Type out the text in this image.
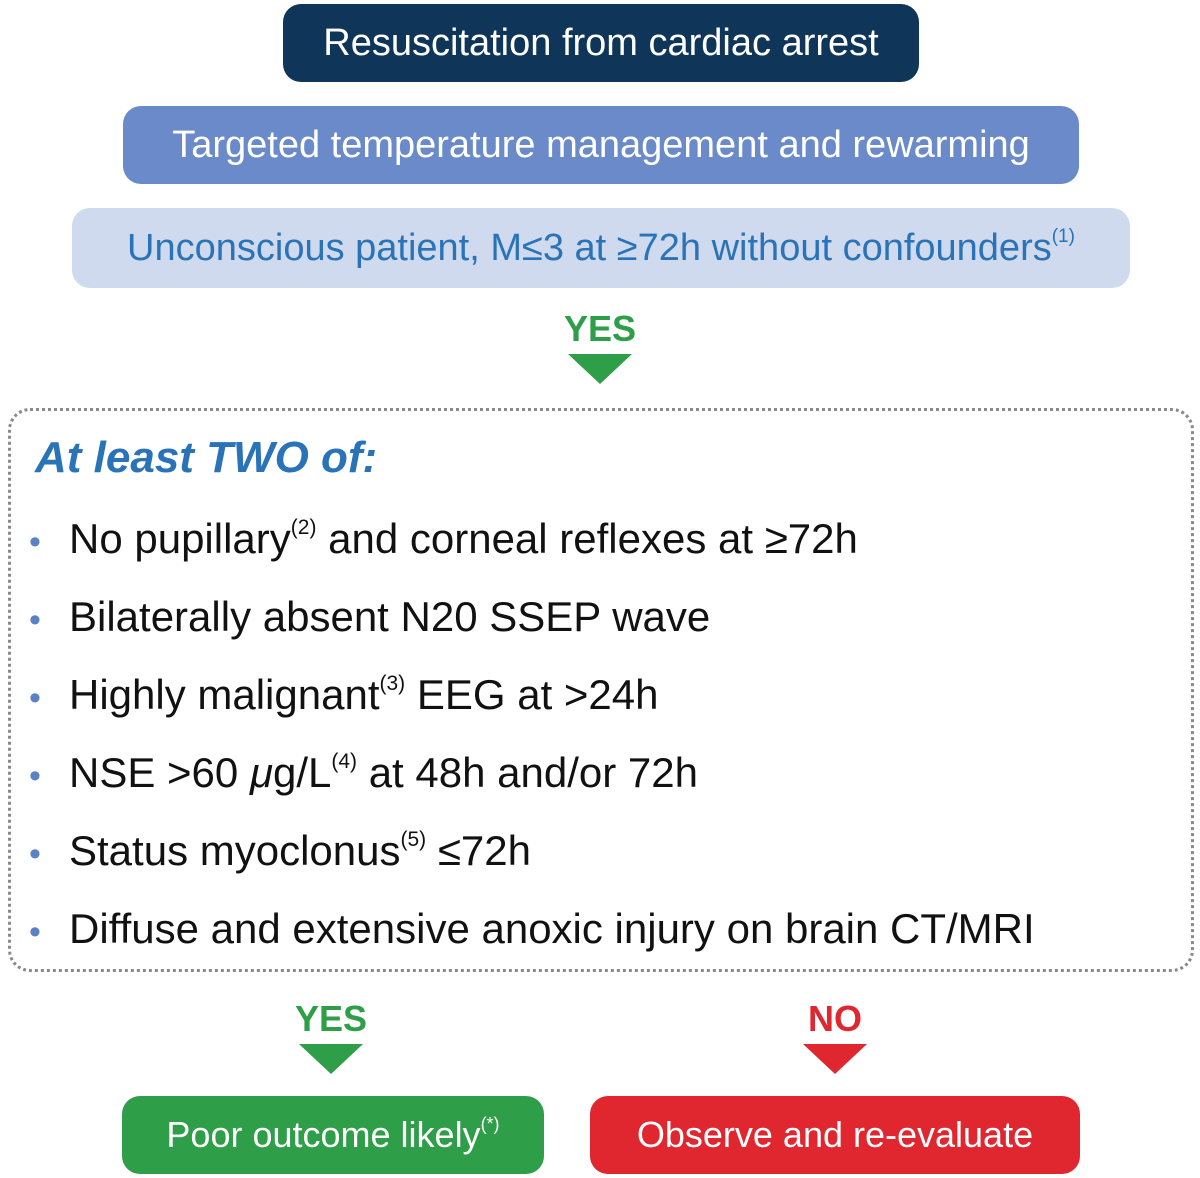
Resuscitation from cardiac arrest
Targeted temperature management and rewarming
Unconscious patient, M≤3 at ≥72h without confounders$^{(1)}$
YES
At least TWO of:
• No pupillary$^{(2)}$ and corneal reflexes at ≥72h
• Bilaterally absent N20 SSEP wave
• Highly malignant$^{(3)}$ EEG at >24h
• NSE >60 $\mu g/L^{(4)}$ at 48h and/or 72h
• Status myoclonus$^{(5)}$ ≤72h
• Diffuse and extensive anoxic injury on brain CT/MRI
YES	NO
Poor outcome likely(*)	Observe and re-evaluate
